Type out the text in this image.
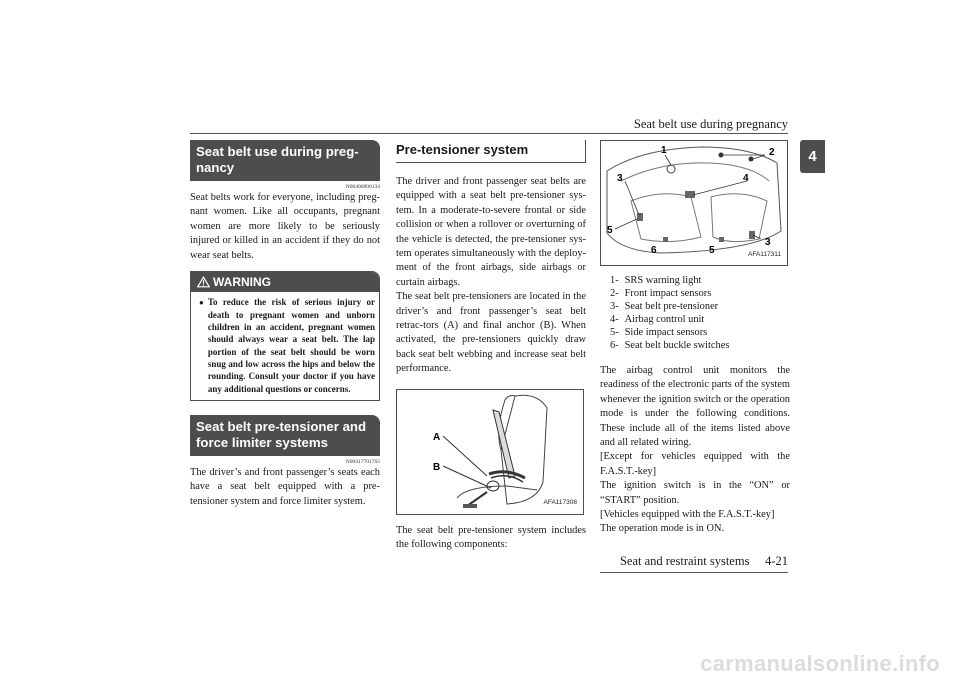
Seat belt use during pregnancy
4
Seat belt use during preg-nancy
N00406800134

Seat belts work for everyone, including preg-nant women. Like all occupants, pregnant women are more likely to be seriously injured or killed in an accident if they do not wear seat belts.

WARNING
● To reduce the risk of serious injury or death to pregnant women and unborn children in an accident, pregnant women should always wear a seat belt. The lap portion of the seat belt should be worn snug and low across the hips and below the rounding. Consult your doctor if you have any additional questions or concerns.
Seat belt pre-tensioner and force limiter systems
N00417701765

The driver’s and front passenger’s seats each have a seat belt equipped with a pre-tensioner system and force limiter system.

Pre-tensioner system

The driver and front passenger seat belts are equipped with a seat belt pre-tensioner sys-tem. In a moderate-to-severe frontal or side collision or when a rollover or overturning of the vehicle is detected, the pre-tensioner sys-tem operates simultaneously with the deploy-ment of the front airbags, side airbags or curtain airbags.

The seat belt pre-tensioners are located in the driver’s and front passenger’s seat belt retrac-tors (A) and final anchor (B). When activated, the pre-tensioners quickly draw back seat belt webbing and increase seat belt performance.

A
B
AFA117308

The seat belt pre-tensioner system includes the following components:

1	2
3	4
5
6	5
3
AFA117311
1- SRS warning light
2- Front impact sensors
3- Seat belt pre-tensioner
4- Airbag control unit
5- Side impact sensors
6- Seat belt buckle switches

The airbag control unit monitors the readiness of the electronic parts of the system whenever the ignition switch or the operation mode is under the following conditions. These include all of the items listed above and all related wiring.

[Except for vehicles equipped with the F.A.S.T.-key]

The ignition switch is in the “ON” or “START” position.

[Vehicles equipped with the F.A.S.T.-key]

The operation mode is in ON.

Seat and restraint systems 4-21
carmanualsonline.info
